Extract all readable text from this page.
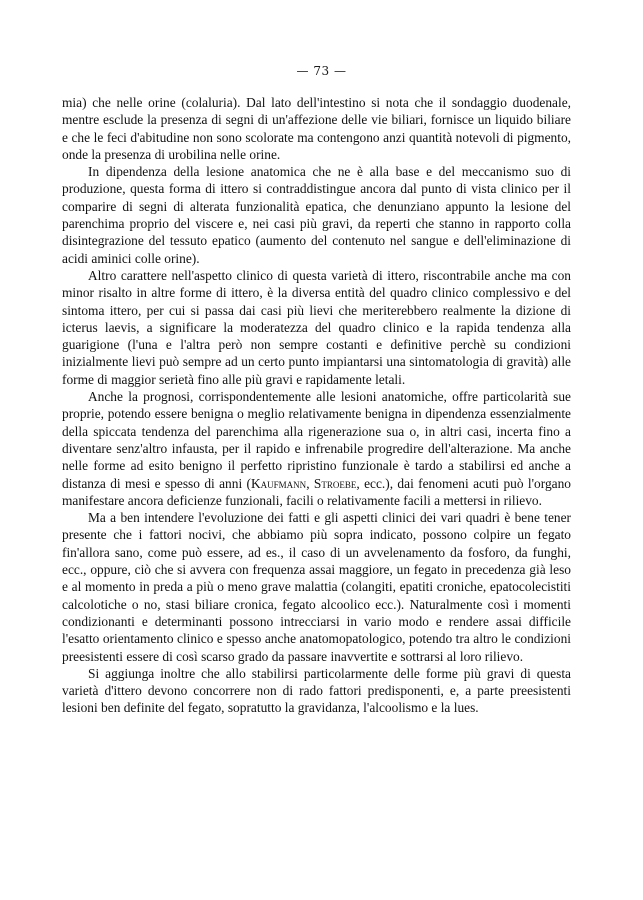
— 73 —

mia) che nelle orine (colaluria). Dal lato dell'intestino si nota che il sondaggio duodenale, mentre esclude la presenza di segni di un'affezione delle vie biliari, fornisce un liquido biliare e che le feci d'abitudine non sono scolorate ma contengono anzi quantità notevoli di pigmento, onde la presenza di urobilina nelle orine.

In dipendenza della lesione anatomica che ne è alla base e del meccanismo suo di produzione, questa forma di ittero si contraddistingue ancora dal punto di vista clinico per il comparire di segni di alterata funzionalità epatica, che denunziano appunto la lesione del parenchima proprio del viscere e, nei casi più gravi, da reperti che stanno in rapporto colla disintegrazione del tessuto epatico (aumento del contenuto nel sangue e dell'eliminazione di acidi aminici colle orine).

Altro carattere nell'aspetto clinico di questa varietà di ittero, riscontrabile anche ma con minor risalto in altre forme di ittero, è la diversa entità del quadro clinico complessivo e del sintoma ittero, per cui si passa dai casi più lievi che meriterebbero realmente la dizione di icterus laevis, a significare la moderatezza del quadro clinico e la rapida tendenza alla guarigione (l'una e l'altra però non sempre costanti e definitive perchè su condizioni inizialmente lievi può sempre ad un certo punto impiantarsi una sintomatologia di gravità) alle forme di maggior serietà fino alle più gravi e rapidamente letali.

Anche la prognosi, corrispondentemente alle lesioni anatomiche, offre particolarità sue proprie, potendo essere benigna o meglio relativamente benigna in dipendenza essenzialmente della spiccata tendenza del parenchima alla rigenerazione sua o, in altri casi, incerta fino a diventare senz'altro infausta, per il rapido e infrenabile progredire dell'alterazione. Ma anche nelle forme ad esito benigno il perfetto ripristino funzionale è tardo a stabilirsi ed anche a distanza di mesi e spesso di anni (Kaufmann, Stroebe, ecc.), dai fenomeni acuti può l'organo manifestare ancora deficienze funzionali, facili o relativamente facili a mettersi in rilievo.

Ma a ben intendere l'evoluzione dei fatti e gli aspetti clinici dei vari quadri è bene tener presente che i fattori nocivi, che abbiamo più sopra indicato, possono colpire un fegato fin'allora sano, come può essere, ad es., il caso di un avvelenamento da fosforo, da funghi, ecc., oppure, ciò che si avvera con frequenza assai maggiore, un fegato in precedenza già leso e al momento in preda a più o meno grave malattia (colangiti, epatiti croniche, epatocolecistiti calcolotiche o no, stasi biliare cronica, fegato alcoolico ecc.). Naturalmente così i momenti condizionanti e determinanti possono intrecciarsi in vario modo e rendere assai difficile l'esatto orientamento clinico e spesso anche anatomopatologico, potendo tra altro le condizioni preesistenti essere di così scarso grado da passare inavvertite e sottrarsi al loro rilievo.

Si aggiunga inoltre che allo stabilirsi particolarmente delle forme più gravi di questa varietà d'ittero devono concorrere non di rado fattori predisponenti, e, a parte preesistenti lesioni ben definite del fegato, sopratutto la gravidanza, l'alcoolismo e la lues.
